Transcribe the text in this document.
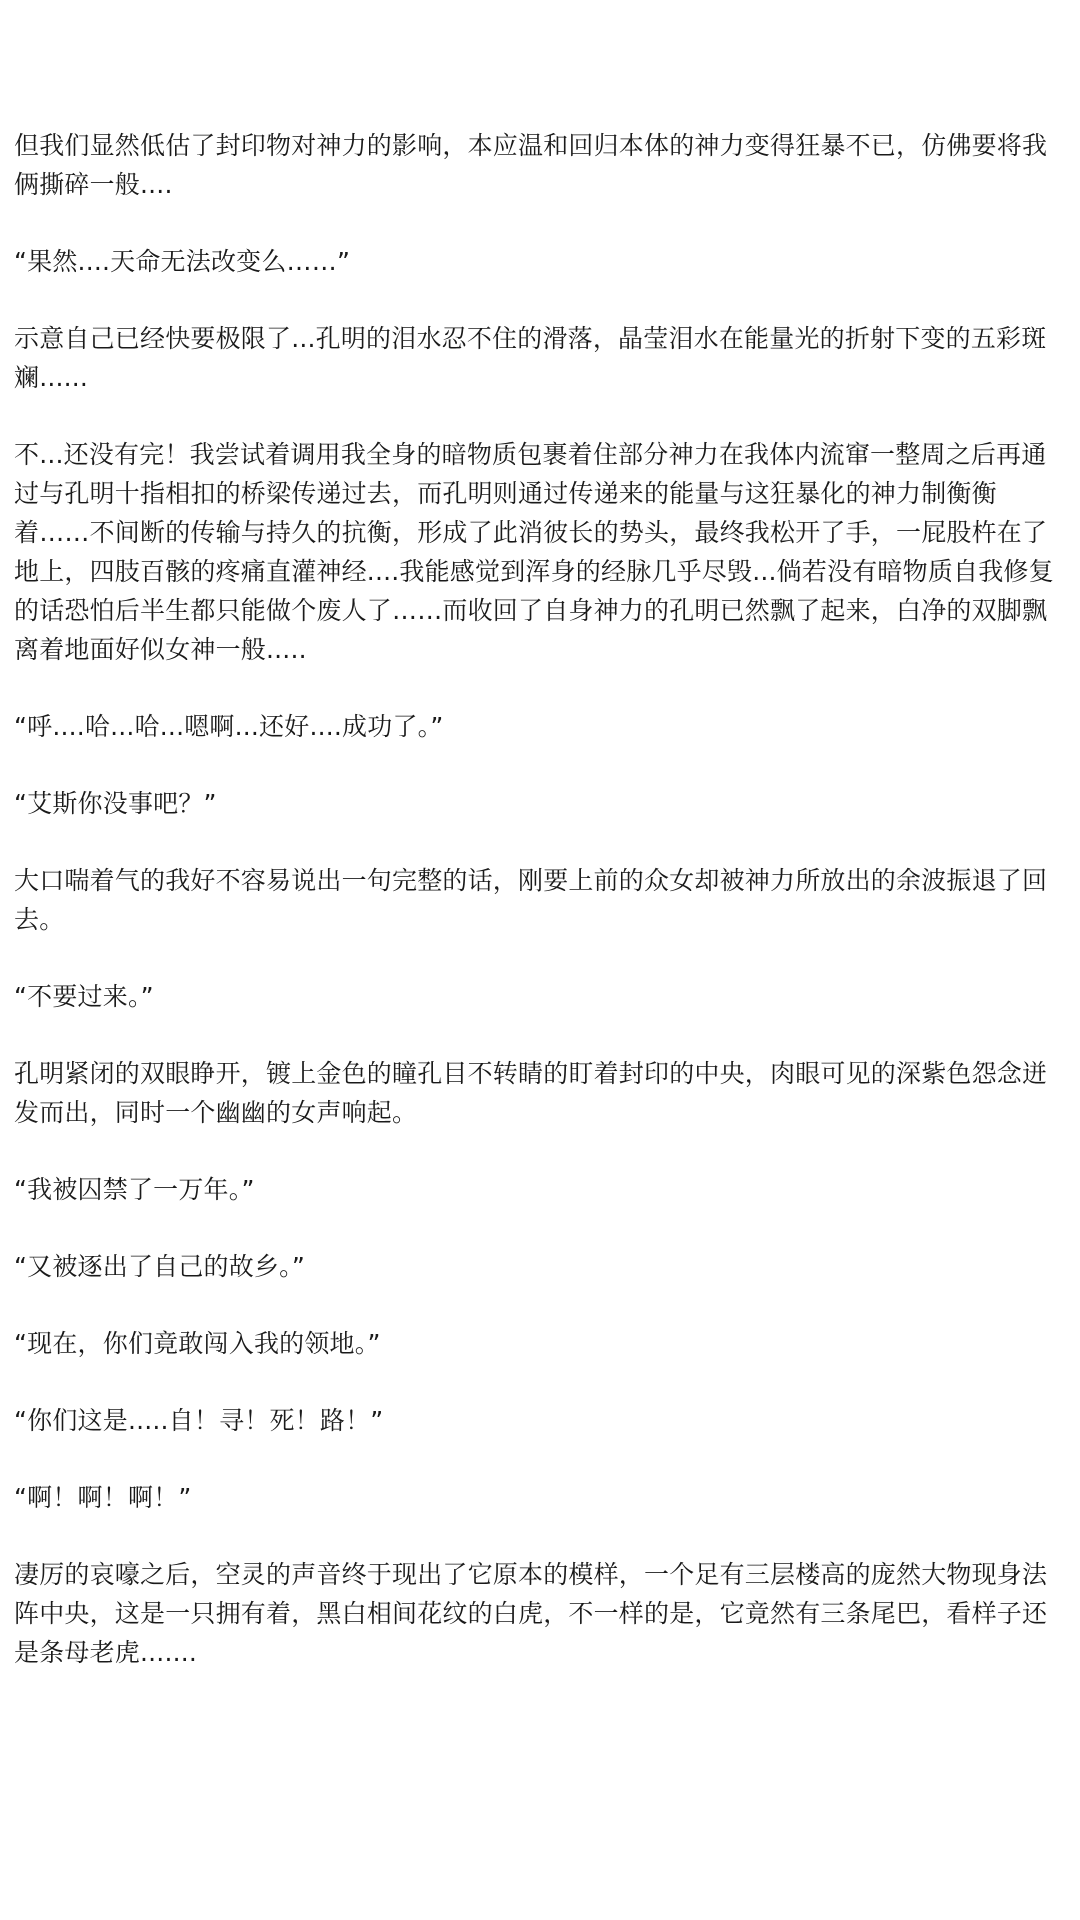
但我们显然低估了封印物对神力的影响，本应温和回归本体的神力变得狂暴不已，仿佛要将我俩撕碎一般....

“果然....天命无法改变么……”

示意自己已经快要极限了...孔明的泪水忍不住的滑落，晶莹泪水在能量光的折射下变的五彩斑斓......

不...还没有完！我尝试着调用我全身的暗物质包裹着住部分神力在我体内流窜一整周之后再通过与孔明十指相扣的桥梁传递过去，而孔明则通过传递来的能量与这狂暴化的神力制衡衡着……不间断的传输与持久的抗衡，形成了此消彼长的势头，最终我松开了手，一屁股杵在了地上，四肢百骸的疼痛直灌神经....我能感觉到浑身的经脉几乎尽毁...倘若没有暗物质自我修复的话恐怕后半生都只能做个废人了……而收回了自身神力的孔明已然飘了起来，白净的双脚飘离着地面好似女神一般.....

“呼....哈...哈...嗯啊...还好....成功了。”

“艾斯你没事吧？”

大口喘着气的我好不容易说出一句完整的话，刚要上前的众女却被神力所放出的余波振退了回去。

“不要过来。”

孔明紧闭的双眼睁开，镀上金色的瞳孔目不转睛的盯着封印的中央，肉眼可见的深紫色怨念迸发而出，同时一个幽幽的女声响起。

“我被囚禁了一万年。”

“又被逐出了自己的故乡。”

“现在，你们竟敢闯入我的领地。”

“你们这是.....自！寻！死！路！”

“啊！啊！啊！”

凄厉的哀嚎之后，空灵的声音终于现出了它原本的模样，一个足有三层楼高的庞然大物现身法阵中央，这是一只拥有着，黑白相间花纹的白虎，不一样的是，它竟然有三条尾巴，看样子还是条母老虎.......
